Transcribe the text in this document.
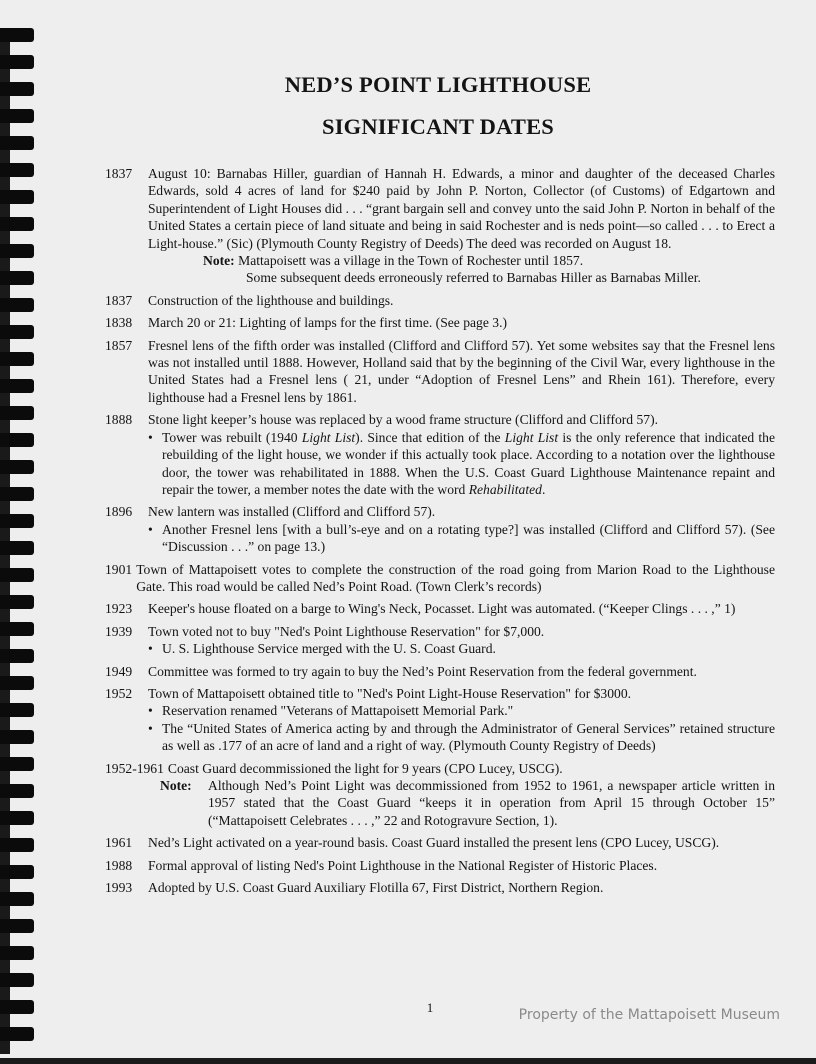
NED’S POINT LIGHTHOUSE
SIGNIFICANT DATES
1837	August 10: Barnabas Hiller, guardian of Hannah H. Edwards, a minor and daughter of the deceased Charles Edwards, sold 4 acres of land for $240 paid by John P. Norton, Collector (of Customs) of Edgartown and Superintendent of Light Houses did . . . “grant bargain sell and convey unto the said John P. Norton in behalf of the United States a certain piece of land situate and being in said Rochester and is neds point—so called . . . to Erect a Light-house.” (Sic) (Plymouth County Registry of Deeds) The deed was recorded on August 18.
Note: Mattapoisett was a village in the Town of Rochester until 1857.
Some subsequent deeds erroneously referred to Barnabas Hiller as Barnabas Miller.
1837	Construction of the lighthouse and buildings.
1838	March 20 or 21: Lighting of lamps for the first time. (See page 3.)
1857	Fresnel lens of the fifth order was installed (Clifford and Clifford 57). Yet some websites say that the Fresnel lens was not installed until 1888. However, Holland said that by the beginning of the Civil War, every lighthouse in the United States had a Fresnel lens ( 21, under “Adoption of Fresnel Lens” and Rhein 161). Therefore, every lighthouse had a Fresnel lens by 1861.
1888	Stone light keeper’s house was replaced by a wood frame structure (Clifford and Clifford 57).
• Tower was rebuilt (1940 Light List). Since that edition of the Light List is the only reference that indicated the rebuilding of the light house, we wonder if this actually took place. According to a notation over the lighthouse door, the tower was rehabilitated in 1888. When the U.S. Coast Guard Lighthouse Maintenance repaint and repair the tower, a member notes the date with the word Rehabilitated.
1896	New lantern was installed (Clifford and Clifford 57).
• Another Fresnel lens [with a bull’s-eye and on a rotating type?] was installed (Clifford and Clifford 57). (See “Discussion . . .” on page 13.)
1901 Town of Mattapoisett votes to complete the construction of the road going from Marion Road to the Lighthouse Gate. This road would be called Ned’s Point Road. (Town Clerk’s records)
1923	Keeper's house floated on a barge to Wing's Neck, Pocasset. Light was automated. (“Keeper Clings . . . ,” 1)
1939	Town voted not to buy "Ned's Point Lighthouse Reservation" for $7,000.
• U. S. Lighthouse Service merged with the U. S. Coast Guard.
1949	Committee was formed to try again to buy the Ned’s Point Reservation from the federal government.
1952	Town of Mattapoisett obtained title to "Ned's Point Light-House Reservation" for $3000.
• Reservation renamed "Veterans of Mattapoisett Memorial Park."
• The “United States of America acting by and through the Administrator of General Services” retained structure as well as .177 of an acre of land and a right of way. (Plymouth County Registry of Deeds)
1952-1961 Coast Guard decommissioned the light for 9 years (CPO Lucey, USCG).
Note:	Although Ned’s Point Light was decommissioned from 1952 to 1961, a newspaper article written in 1957 stated that the Coast Guard “keeps it in operation from April 15 through October 15” (“Mattapoisett Celebrates . . . ,” 22 and Rotogravure Section, 1).
1961	Ned’s Light activated on a year-round basis. Coast Guard installed the present lens (CPO Lucey, USCG).
1988	Formal approval of listing Ned's Point Lighthouse in the National Register of Historic Places.
1993	Adopted by U.S. Coast Guard Auxiliary Flotilla 67, First District, Northern Region.
1	Property of the Mattapoisett Museum
